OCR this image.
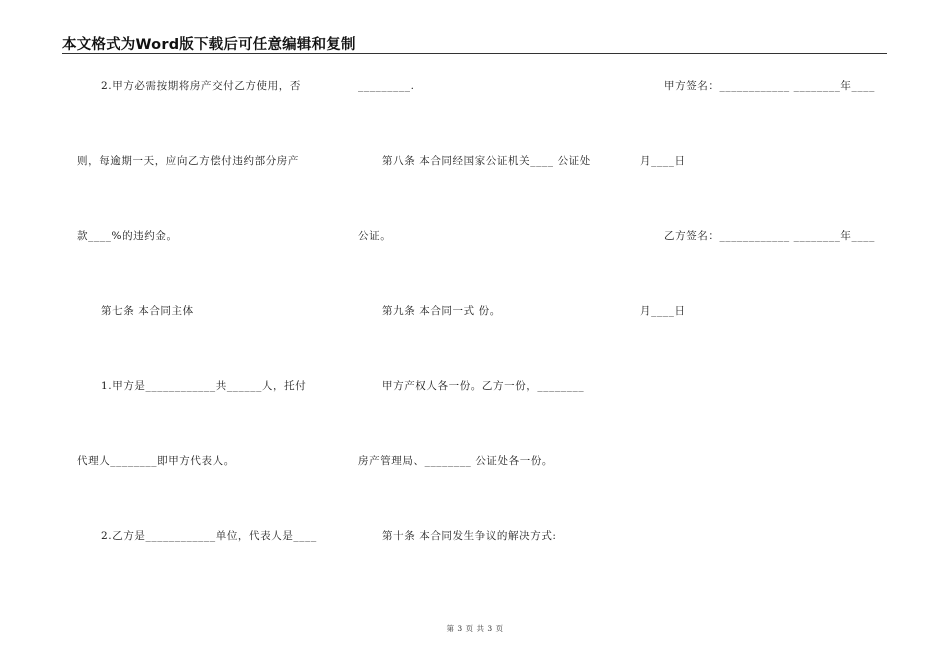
本文格式为Word版下载后可任意编辑和复制
2.甲方必需按期将房产交付乙方使用，否
则，每逾期一天，应向乙方偿付违约部分房产
款____%的违约金。
第七条 本合同主体
1.甲方是____________共______人，托付
代理人________即甲方代表人。
2.乙方是____________单位，代表人是____
_________.
第八条 本合同经国家公证机关____ 公证处
公证。
第九条 本合同一式 份。
甲方产权人各一份。乙方一份，________
房产管理局、________ 公证处各一份。
第十条 本合同发生争议的解决方式:
甲方签名：____________ ________年____
月____日
乙方签名：____________ ________年____
月____日
第 3 页 共 3 页
